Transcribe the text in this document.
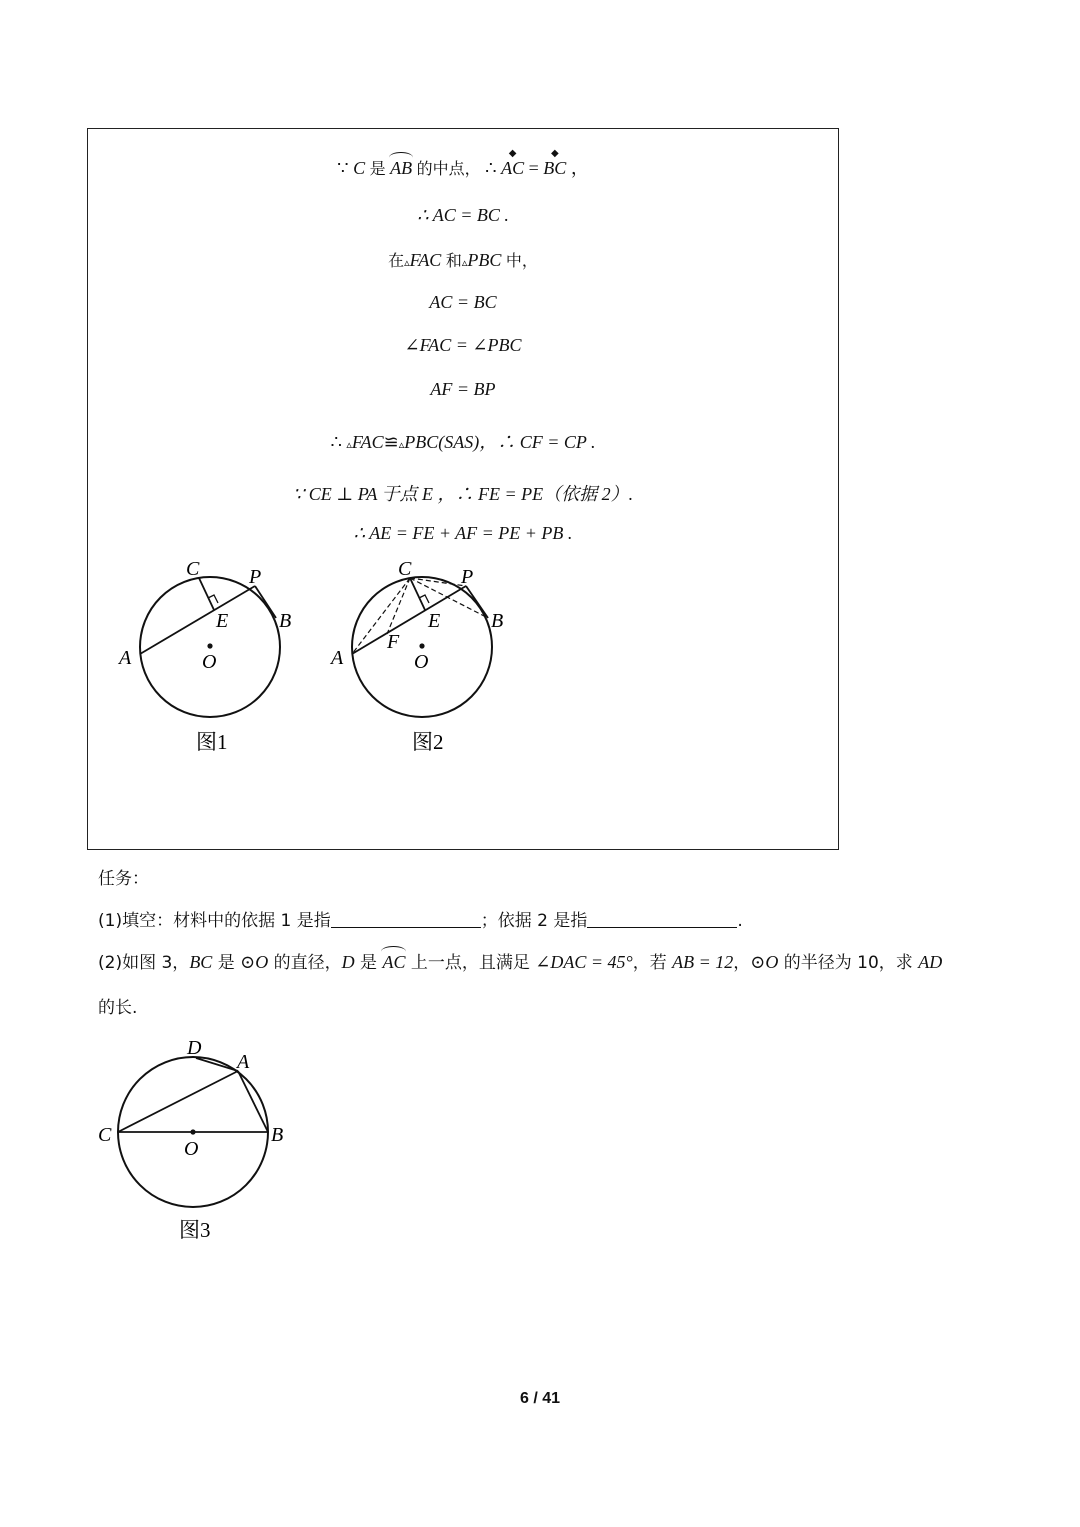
∵ C 是 AB 的中点， ∴
◆
AC =
◆
BC ，
∴ AC = BC .
在▵FAC 和▵PBC 中，
AC = BC
∠FAC = ∠PBC
AF = BP
∴ ▵FAC≌▵PBC(SAS)，∴ CF = CP .
∵ CE ⊥ PA 于点 E ，∴ FE = PE（依据 2）.
∴ AE = FE + AF = PE + PB .
C P
E	B
A	O
图1
C P
E	B
A	O
F
图2
D
A
C	B
O
图3
任务：
(1)填空：材料中的依据 1 是指	；依据 2 是指	.
(2)如图 3，BC 是 ⊙O 的直径，D 是
AC 上一点，且满足 ∠DAC = 45°，若 AB = 12，⊙O 的半径为 10，求 AD
的长.
6 / 41
